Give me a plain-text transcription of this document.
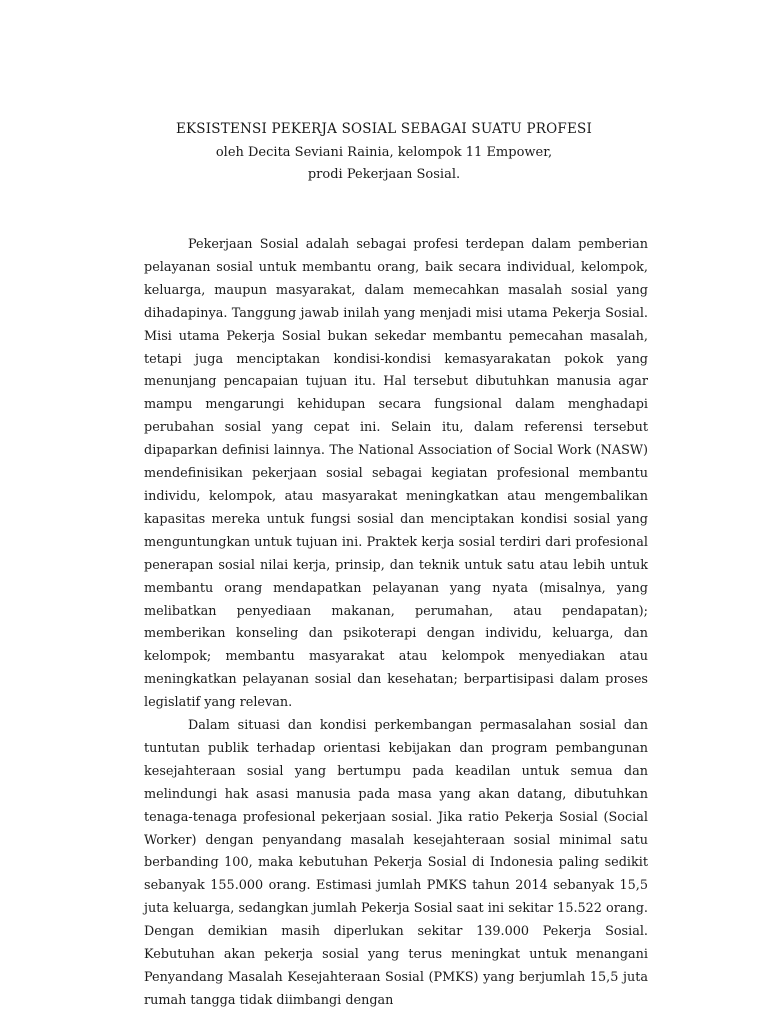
EKSISTENSI PEKERJA SOSIAL SEBAGAI SUATU PROFESI

oleh Decita Seviani Rainia, kelompok 11 Empower,

prodi Pekerjaan Sosial.

Pekerjaan Sosial adalah sebagai profesi terdepan dalam pemberian pelayanan sosial untuk membantu orang, baik secara individual, kelompok, keluarga, maupun masyarakat, dalam memecahkan masalah sosial yang dihadapinya. Tanggung jawab inilah yang menjadi misi utama Pekerja Sosial. Misi utama Pekerja Sosial bukan sekedar membantu pemecahan masalah, tetapi juga menciptakan kondisi-kondisi kemasyarakatan pokok yang menunjang pencapaian tujuan itu. Hal tersebut dibutuhkan manusia agar mampu mengarungi kehidupan secara fungsional dalam menghadapi perubahan sosial yang cepat ini. Selain itu, dalam referensi tersebut dipaparkan definisi lainnya. The National Association of Social Work (NASW) mendefinisikan pekerjaan sosial sebagai kegiatan profesional membantu individu, kelompok, atau masyarakat meningkatkan atau mengembalikan kapasitas mereka untuk fungsi sosial dan menciptakan kondisi sosial yang menguntungkan untuk tujuan ini. Praktek kerja sosial terdiri dari profesional penerapan sosial nilai kerja, prinsip, dan teknik untuk satu atau lebih untuk membantu orang mendapatkan pelayanan yang nyata (misalnya, yang melibatkan penyediaan makanan, perumahan, atau pendapatan); memberikan konseling dan psikoterapi dengan individu, keluarga, dan kelompok; membantu masyarakat atau kelompok menyediakan atau meningkatkan pelayanan sosial dan kesehatan; berpartisipasi dalam proses legislatif yang relevan.

Dalam situasi dan kondisi perkembangan permasalahan sosial dan tuntutan publik terhadap orientasi kebijakan dan program pembangunan kesejahteraan sosial yang bertumpu pada keadilan untuk semua dan melindungi hak asasi manusia pada masa yang akan datang, dibutuhkan tenaga-tenaga profesional pekerjaan sosial. Jika ratio Pekerja Sosial (Social Worker) dengan penyandang masalah kesejahteraan sosial minimal satu berbanding 100, maka kebutuhan Pekerja Sosial di Indonesia paling sedikit sebanyak 155.000 orang. Estimasi jumlah PMKS tahun 2014 sebanyak 15,5 juta keluarga, sedangkan jumlah Pekerja Sosial saat ini sekitar 15.522 orang. Dengan demikian masih diperlukan sekitar 139.000 Pekerja Sosial. Kebutuhan akan pekerja sosial yang terus meningkat untuk menangani Penyandang Masalah Kesejahteraan Sosial (PMKS) yang berjumlah 15,5 juta rumah tangga tidak diimbangi dengan
